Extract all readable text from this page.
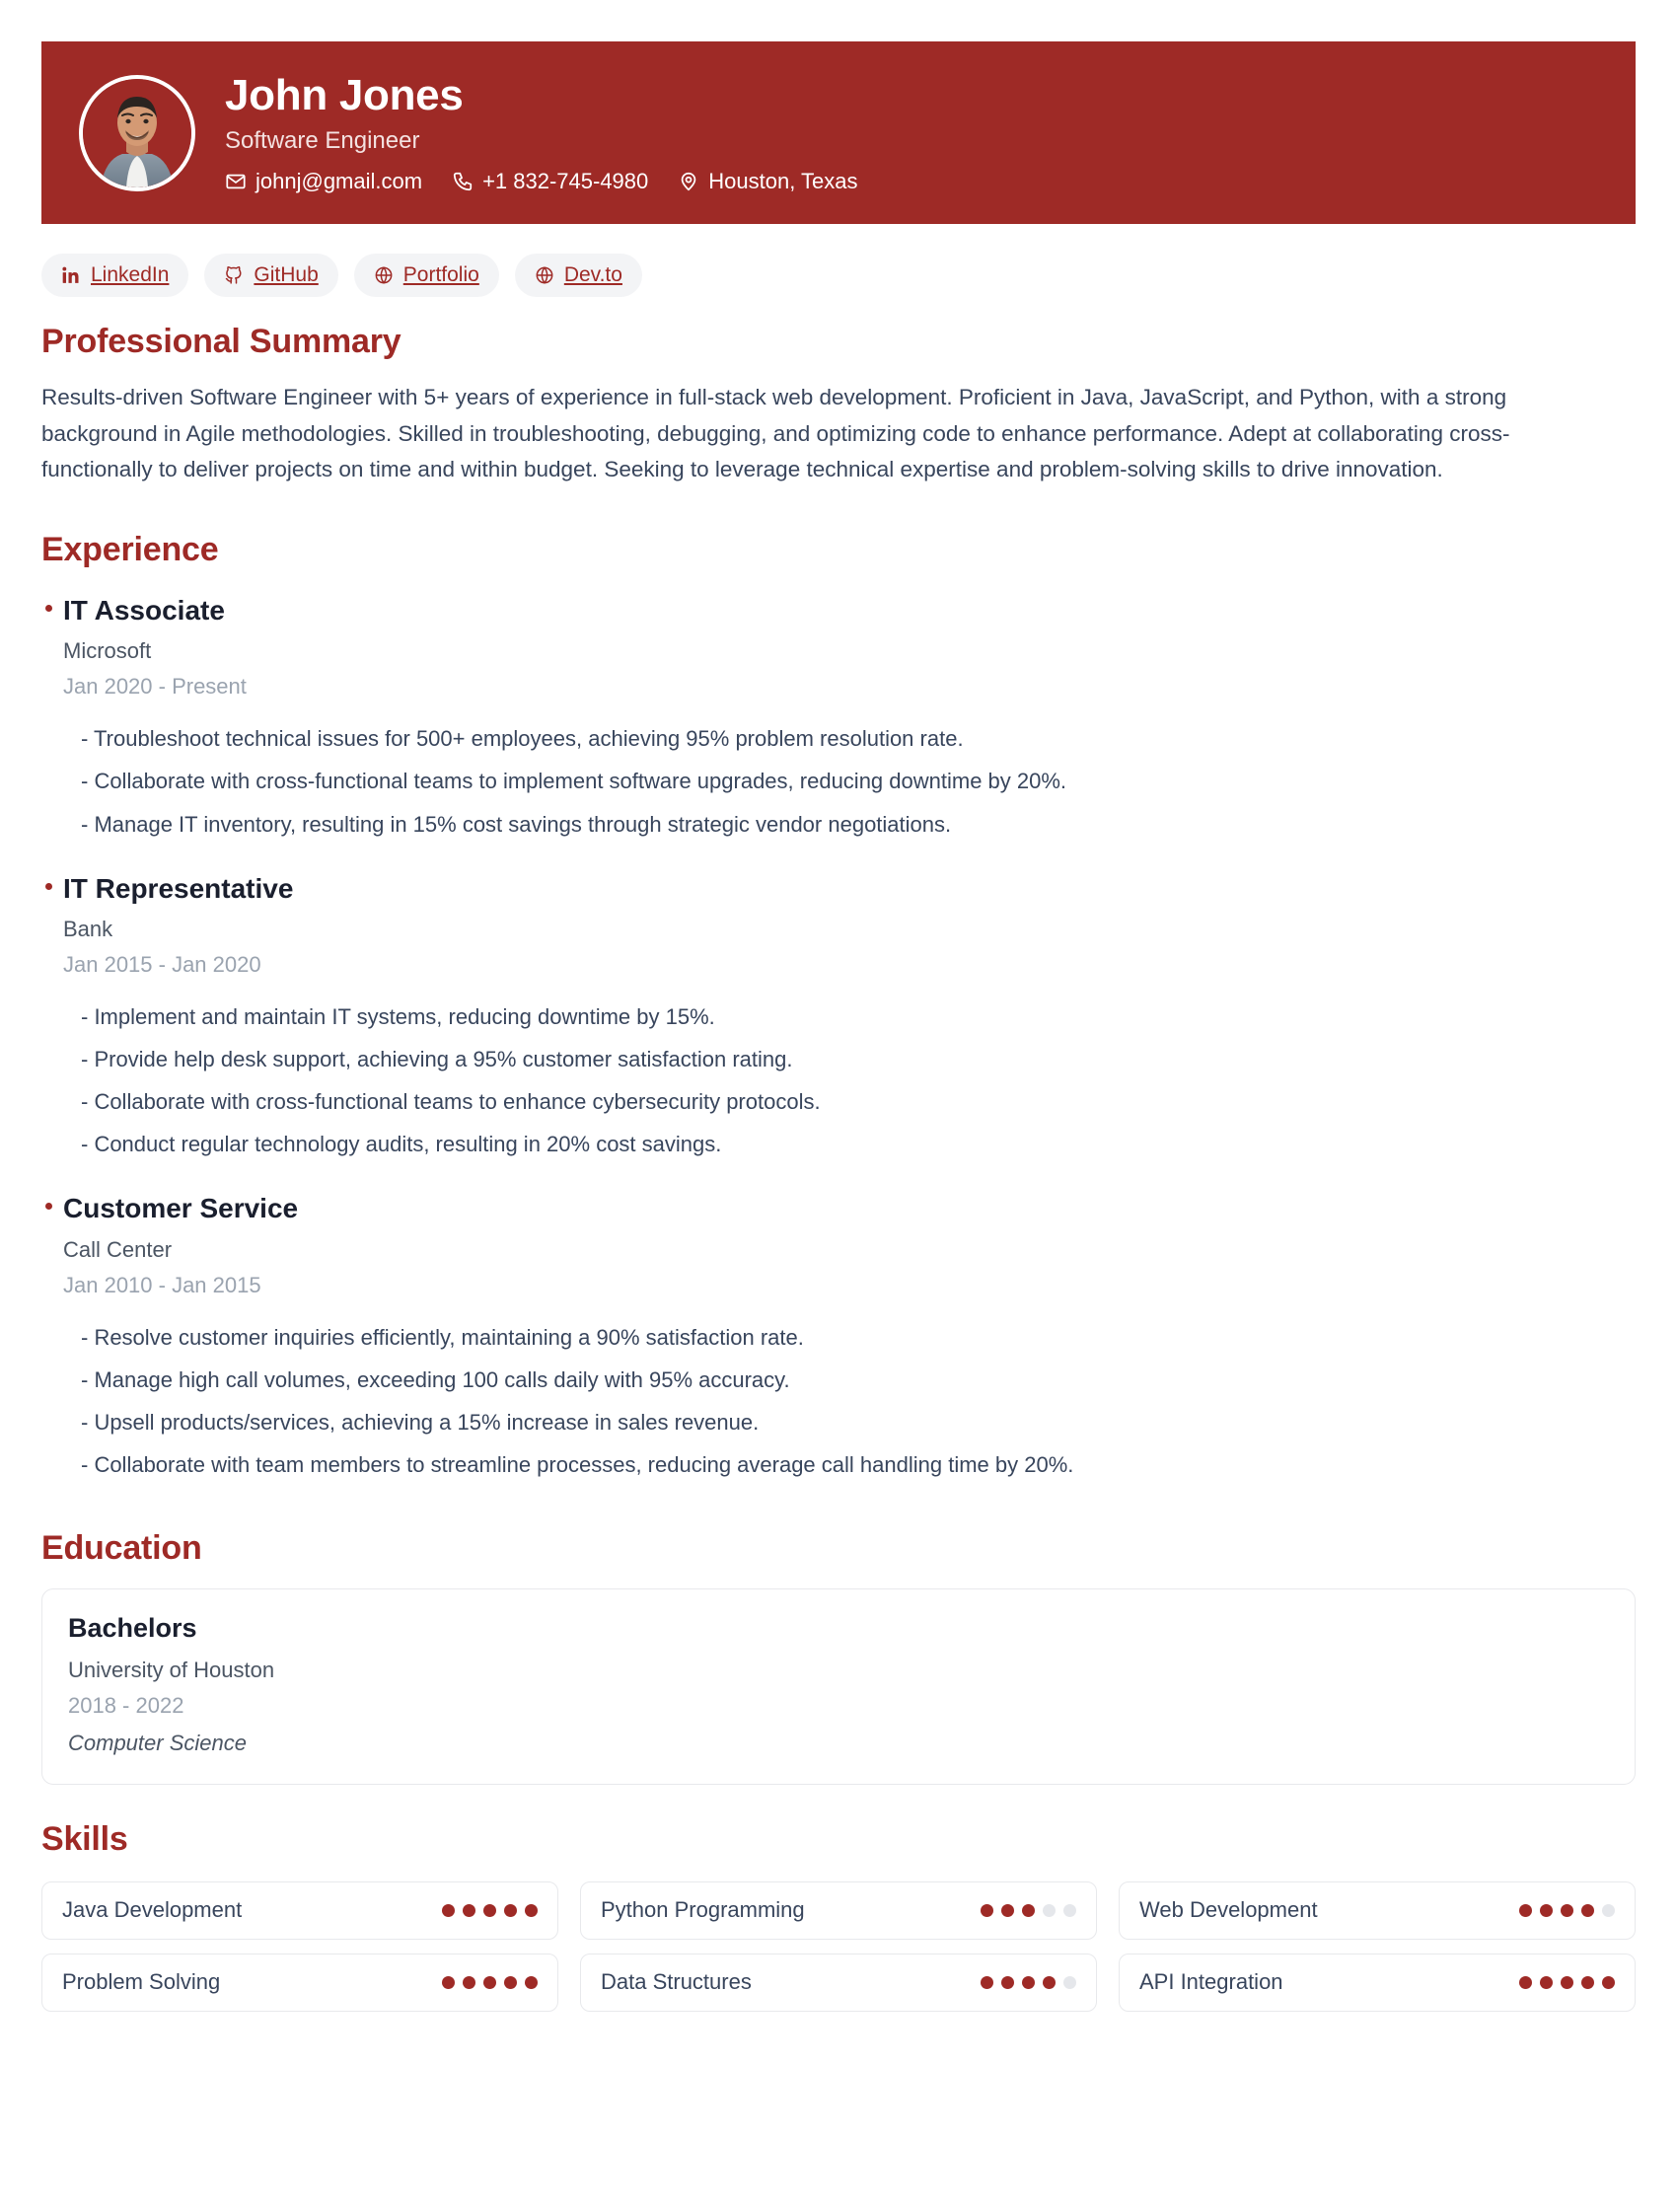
John Jones
Software Engineer
johnj@gmail.com	+1 832-745-4980	Houston, Texas
LinkedIn	GitHub	Portfolio	Dev.to
Professional Summary

Results-driven Software Engineer with 5+ years of experience in full-stack web development. Proficient in Java, JavaScript, and Python, with a strong background in Agile methodologies. Skilled in troubleshooting, debugging, and optimizing code to enhance performance. Adept at collaborating cross-functionally to deliver projects on time and within budget. Seeking to leverage technical expertise and problem-solving skills to drive innovation.

Experience
IT Associate
Microsoft
Jan 2020 - Present
- Troubleshoot technical issues for 500+ employees, achieving 95% problem resolution rate.
- Collaborate with cross-functional teams to implement software upgrades, reducing downtime by 20%.
- Manage IT inventory, resulting in 15% cost savings through strategic vendor negotiations.
IT Representative
Bank
Jan 2015 - Jan 2020
- Implement and maintain IT systems, reducing downtime by 15%.
- Provide help desk support, achieving a 95% customer satisfaction rating.
- Collaborate with cross-functional teams to enhance cybersecurity protocols.
- Conduct regular technology audits, resulting in 20% cost savings.
Customer Service
Call Center
Jan 2010 - Jan 2015
- Resolve customer inquiries efficiently, maintaining a 90% satisfaction rate.
- Manage high call volumes, exceeding 100 calls daily with 95% accuracy.
- Upsell products/services, achieving a 15% increase in sales revenue.
- Collaborate with team members to streamline processes, reducing average call handling time by 20%.
Education
Bachelors
University of Houston
2018 - 2022
Computer Science
Skills
Java Development	Python Programming	Web Development
Problem Solving	Data Structures	API Integration
